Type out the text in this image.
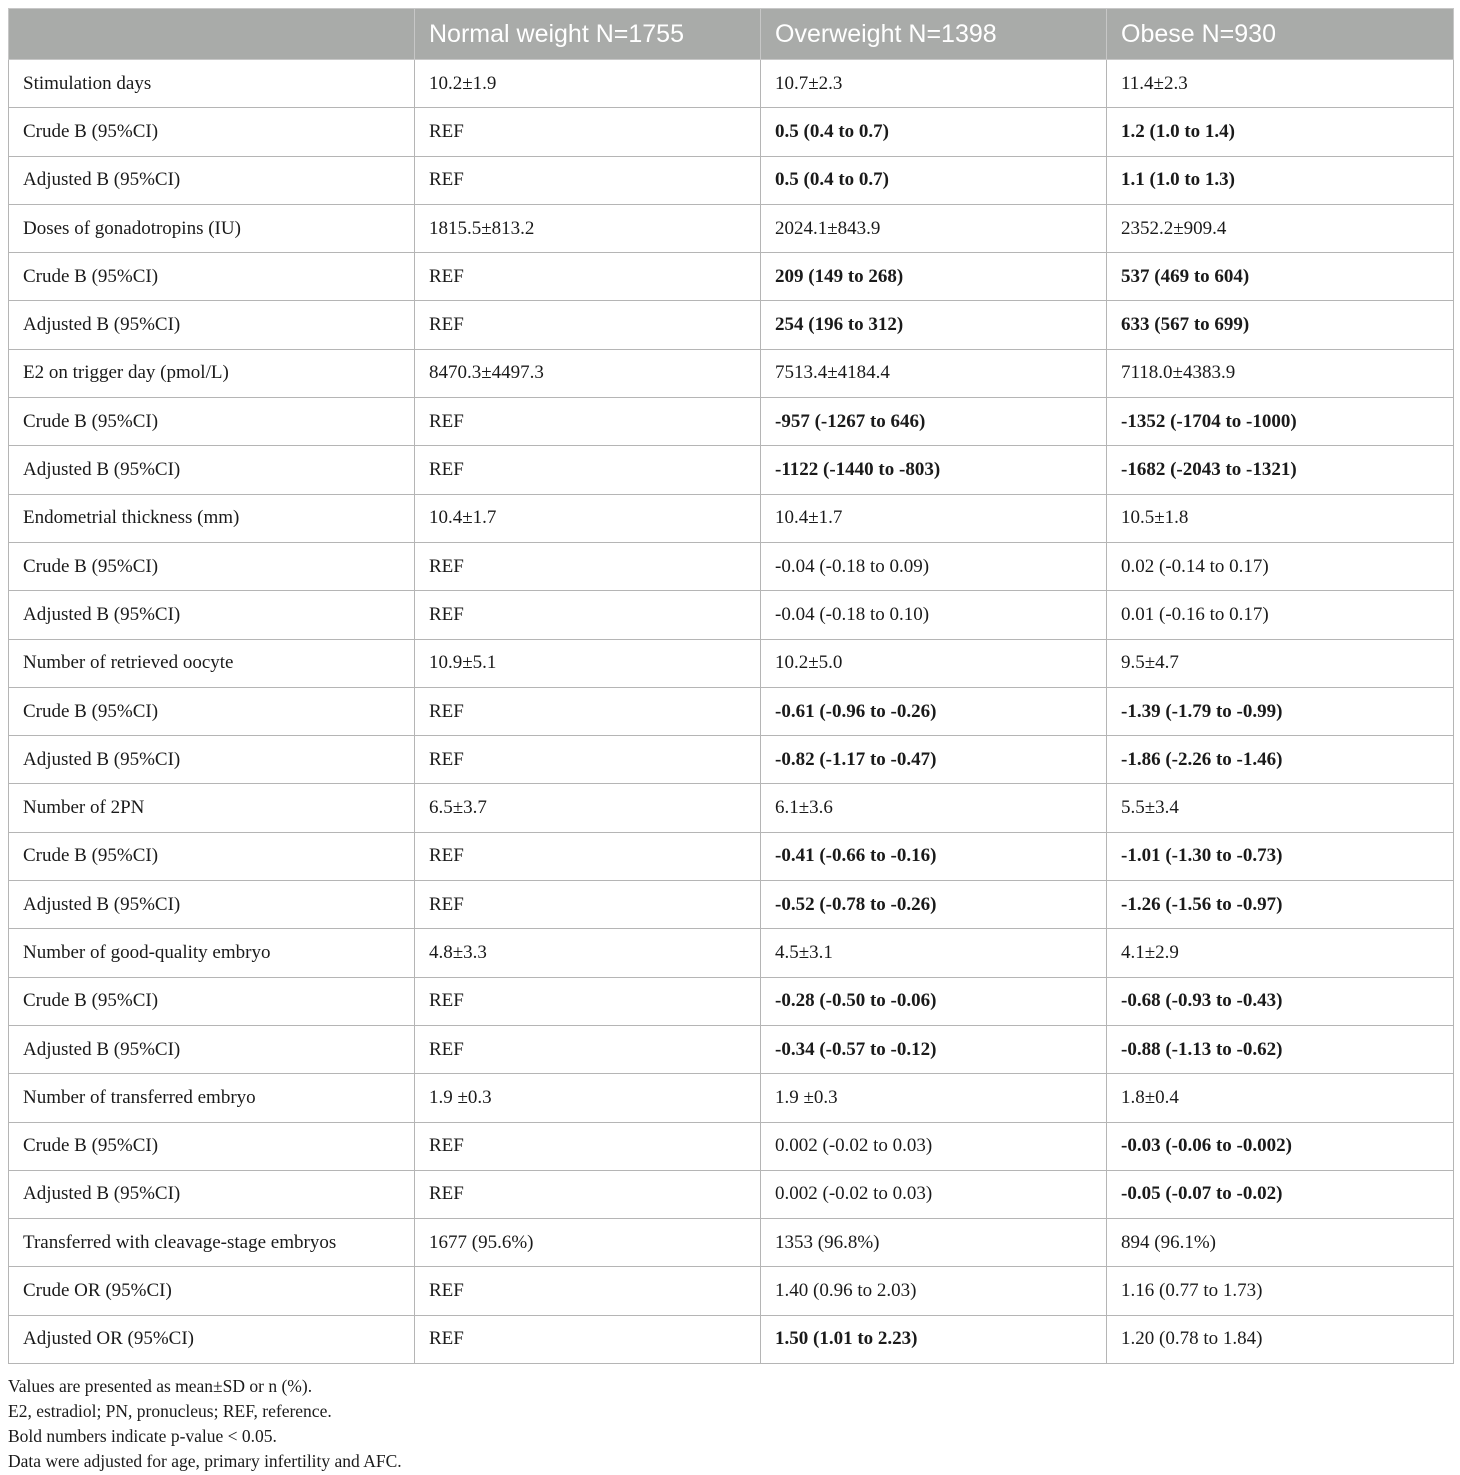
	Normal weight N=1755	Overweight N=1398	Obese N=930
Stimulation days	10.2±1.9	10.7±2.3	11.4±2.3
Crude B (95%CI)	REF	0.5 (0.4 to 0.7)	1.2 (1.0 to 1.4)
Adjusted B (95%CI)	REF	0.5 (0.4 to 0.7)	1.1 (1.0 to 1.3)
Doses of gonadotropins (IU)	1815.5±813.2	2024.1±843.9	2352.2±909.4
Crude B (95%CI)	REF	209 (149 to 268)	537 (469 to 604)
Adjusted B (95%CI)	REF	254 (196 to 312)	633 (567 to 699)
E2 on trigger day (pmol/L)	8470.3±4497.3	7513.4±4184.4	7118.0±4383.9
Crude B (95%CI)	REF	-957 (-1267 to 646)	-1352 (-1704 to -1000)
Adjusted B (95%CI)	REF	-1122 (-1440 to -803)	-1682 (-2043 to -1321)
Endometrial thickness (mm)	10.4±1.7	10.4±1.7	10.5±1.8
Crude B (95%CI)	REF	-0.04 (-0.18 to 0.09)	0.02 (-0.14 to 0.17)
Adjusted B (95%CI)	REF	-0.04 (-0.18 to 0.10)	0.01 (-0.16 to 0.17)
Number of retrieved oocyte	10.9±5.1	10.2±5.0	9.5±4.7
Crude B (95%CI)	REF	-0.61 (-0.96 to -0.26)	-1.39 (-1.79 to -0.99)
Adjusted B (95%CI)	REF	-0.82 (-1.17 to -0.47)	-1.86 (-2.26 to -1.46)
Number of 2PN	6.5±3.7	6.1±3.6	5.5±3.4
Crude B (95%CI)	REF	-0.41 (-0.66 to -0.16)	-1.01 (-1.30 to -0.73)
Adjusted B (95%CI)	REF	-0.52 (-0.78 to -0.26)	-1.26 (-1.56 to -0.97)
Number of good-quality embryo	4.8±3.3	4.5±3.1	4.1±2.9
Crude B (95%CI)	REF	-0.28 (-0.50 to -0.06)	-0.68 (-0.93 to -0.43)
Adjusted B (95%CI)	REF	-0.34 (-0.57 to -0.12)	-0.88 (-1.13 to -0.62)
Number of transferred embryo	1.9 ±0.3	1.9 ±0.3	1.8±0.4
Crude B (95%CI)	REF	0.002 (-0.02 to 0.03)	-0.03 (-0.06 to -0.002)
Adjusted B (95%CI)	REF	0.002 (-0.02 to 0.03)	-0.05 (-0.07 to -0.02)
Transferred with cleavage-stage embryos	1677 (95.6%)	1353 (96.8%)	894 (96.1%)
Crude OR (95%CI)	REF	1.40 (0.96 to 2.03)	1.16 (0.77 to 1.73)
Adjusted OR (95%CI)	REF	1.50 (1.01 to 2.23)	1.20 (0.78 to 1.84)
Values are presented as mean±SD or n (%).
E2, estradiol; PN, pronucleus; REF, reference.
Bold numbers indicate p-value < 0.05.
Data were adjusted for age, primary infertility and AFC.
